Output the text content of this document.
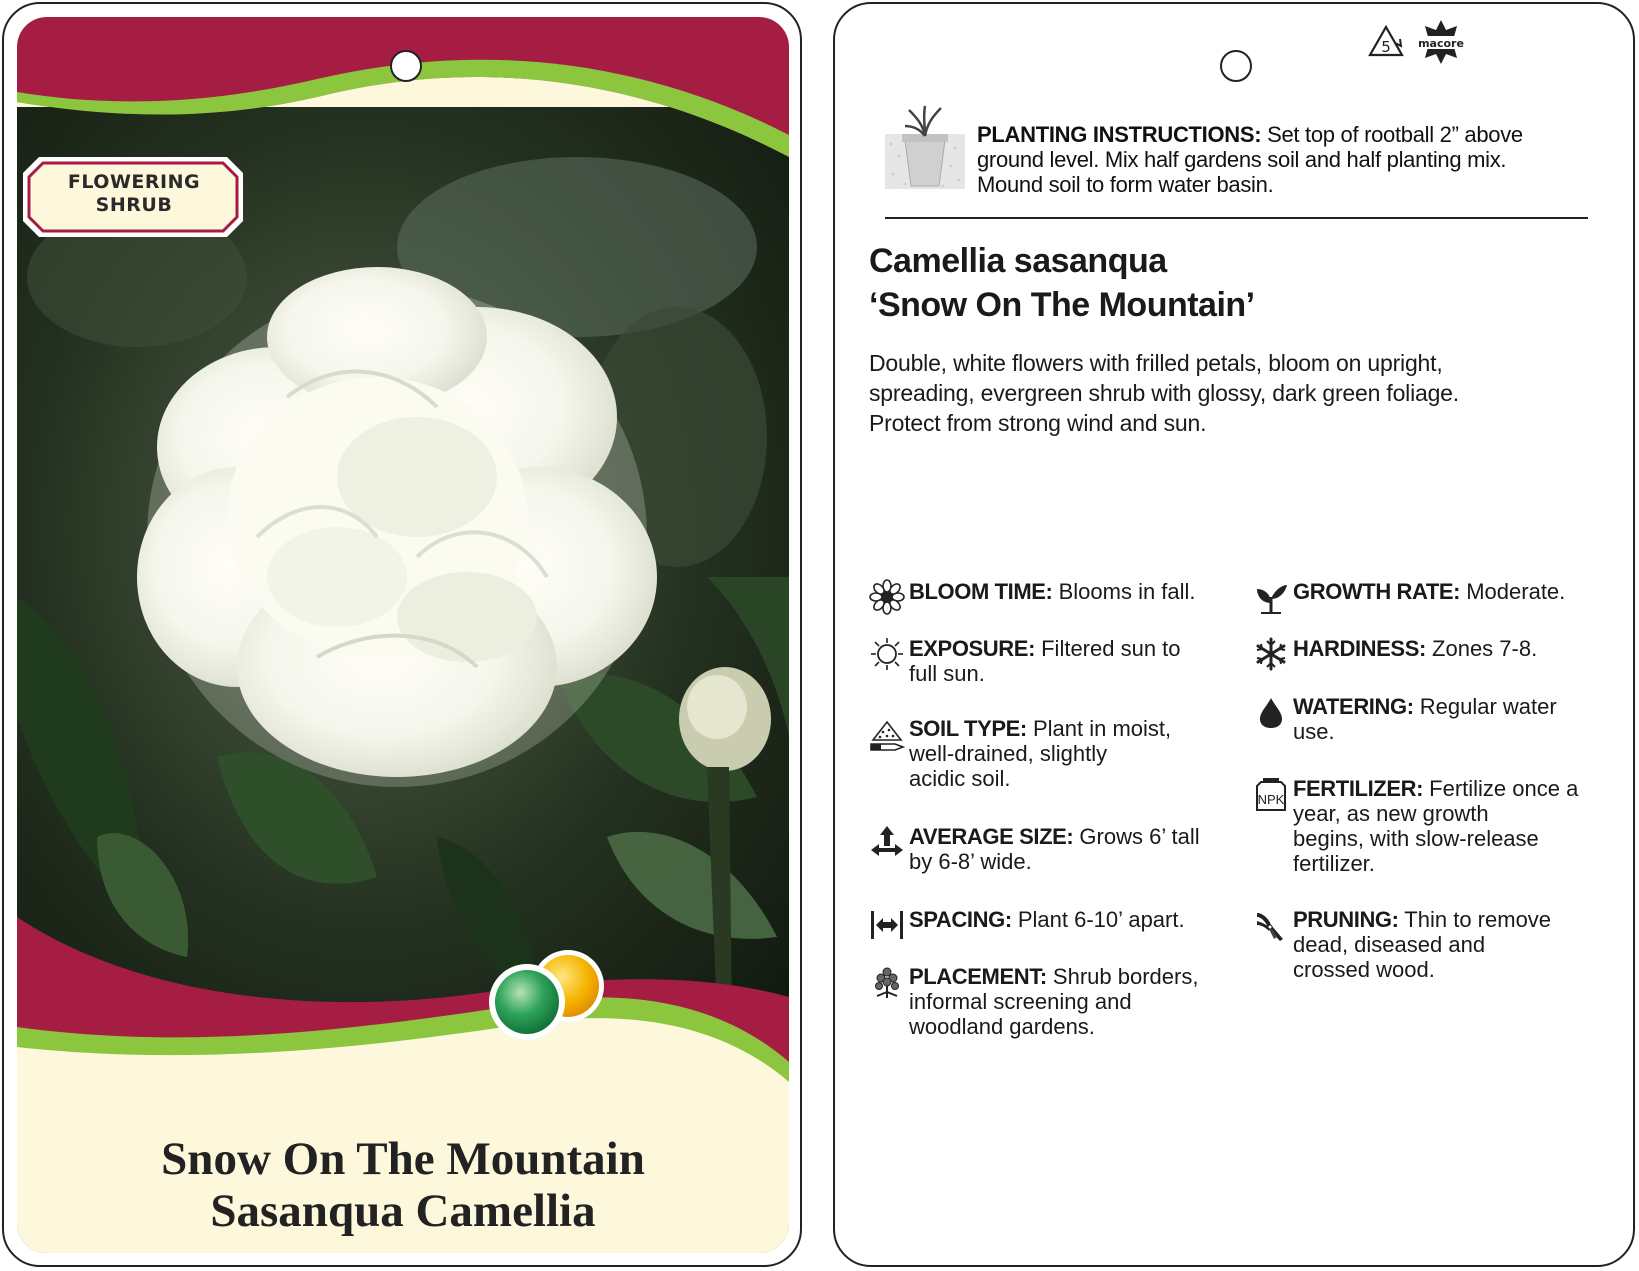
FLOWERING
SHRUB
Snow On The Mountain
Sasanqua Camellia
5 macore
PLANTING INSTRUCTIONS: Set top of rootball 2” above
ground level. Mix half gardens soil and half planting mix.
Mound soil to form water basin.
Camellia sasanqua
‘Snow On The Mountain’
Double, white flowers with frilled petals, bloom on upright,
spreading, evergreen shrub with glossy, dark green foliage.
Protect from strong wind and sun.
BLOOM TIME: Blooms in fall.
EXPOSURE: Filtered sun to
full sun.
SOIL TYPE: Plant in moist,
well-drained, slightly
acidic soil.
AVERAGE SIZE: Grows 6’ tall
by 6-8’ wide.
SPACING: Plant 6-10’ apart.
PLACEMENT: Shrub borders,
informal screening and
woodland gardens.
GROWTH RATE: Moderate.
HARDINESS: Zones 7-8.
WATERING: Regular water
use.
NPK FERTILIZER: Fertilize once a
year, as new growth
begins, with slow-release
fertilizer.
PRUNING: Thin to remove
dead, diseased and
crossed wood.
